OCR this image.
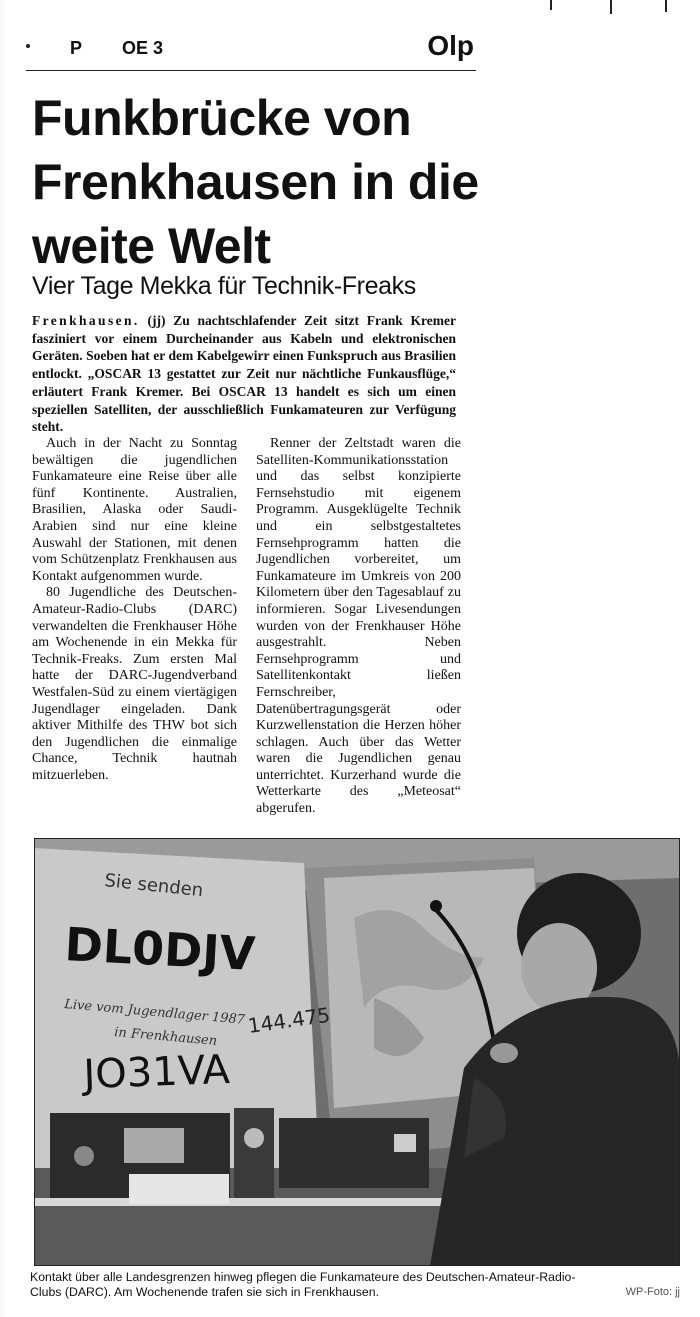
P OE 3	Olp
Funkbrücke von Frenkhausen in die weite Welt
Vier Tage Mekka für Technik-Freaks
Frenkhausen. (jj) Zu nachtschlafender Zeit sitzt Frank Kremer fasziniert vor einem Durcheinander aus Kabeln und elektronischen Geräten. Soeben hat er dem Kabelgewirr einen Funkspruch aus Brasilien entlockt. „OSCAR 13 gestattet zur Zeit nur nächtliche Funkausflüge,“ erläutert Frank Kremer. Bei OSCAR 13 handelt es sich um einen speziellen Satelliten, der ausschließlich Funkamateuren zur Verfügung steht.

Auch in der Nacht zu Sonntag bewältigen die jugendlichen Funkamateure eine Reise über alle fünf Kontinente. Australien, Brasilien, Alaska oder Saudi-Arabien sind nur eine kleine Auswahl der Stationen, mit denen vom Schützenplatz Frenkhausen aus Kontakt aufgenommen wurde.

80 Jugendliche des Deutschen-Amateur-Radio-Clubs (DARC) verwandelten die Frenkhauser Höhe am Wochenende in ein Mekka für Technik-Freaks. Zum ersten Mal hatte der DARC-Jugendverband Westfalen-Süd zu einem viertägigen Jugendlager eingeladen. Dank aktiver Mithilfe des THW bot sich den Jugendlichen die einmalige Chance, Technik hautnah mitzuerleben.

Renner der Zeltstadt waren die Satelliten-Kommunikationsstation und das selbst konzipierte Fernsehstudio mit eigenem Programm. Ausgeklügelte Technik und ein selbstgestaltetes Fernsehprogramm hatten die Jugendlichen vorbereitet, um Funkamateure im Umkreis von 200 Kilometern über den Tagesablauf zu informieren. Sogar Livesendungen wurden von der Frenkhauser Höhe ausgestrahlt. Neben Fernsehprogramm und Satellitenkontakt ließen Fernschreiber, Datenübertragungsgerät oder Kurzwellenstation die Herzen höher schlagen. Auch über das Wetter waren die Jugendlichen genau unterrichtet. Kurzerhand wurde die Wetterkarte des „Meteosat“ abgerufen.

Sie senden
DL0DJV
Live vom Jugendlager 1987
in Frenkhausen 144.475
JO31VA
Kontakt über alle Landesgrenzen hinweg pflegen die Funkamateure des Deutschen-Amateur-Radio-Clubs (DARC). Am Wochenende trafen sie sich in Frenkhausen.	WP-Foto: jj
